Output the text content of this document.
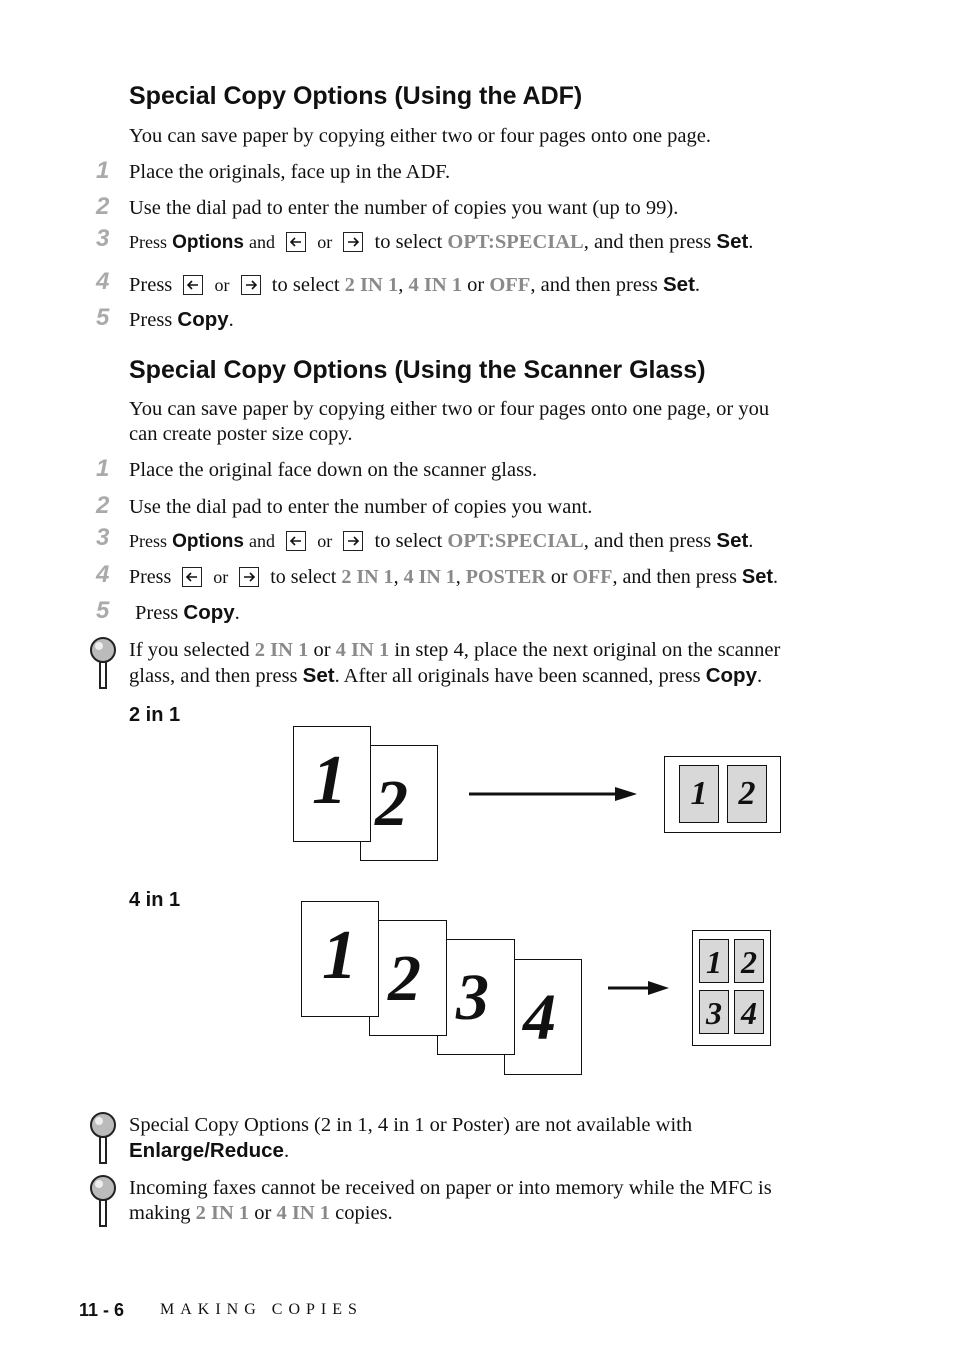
Special Copy Options (Using the ADF)
You can save paper by copying either two or four pages onto one page.
1 Place the originals, face up in the ADF.
2 Use the dial pad to enter the number of copies you want (up to 99).
3 Press Options and or to select OPT:SPECIAL, and then press Set.
4 Press or to select 2 IN 1, 4 IN 1 or OFF, and then press Set.
5 Press Copy.
Special Copy Options (Using the Scanner Glass)
You can save paper by copying either two or four pages onto one page, or you
can create poster size copy.
1 Place the original face down on the scanner glass.
2 Use the dial pad to enter the number of copies you want.
3 Press Options and or to select OPT:SPECIAL, and then press Set.
4 Press or to select 2 IN 1, 4 IN 1, POSTER or OFF, and then press Set.
5 Press Copy.
If you selected 2 IN 1 or 4 IN 1 in step 4, place the next original on the scanner
glass, and then press Set. After all originals have been scanned, press Copy.
2 in 1
2
1	1 2
4 in 1
4
3
2
1	1 2
3 4
Special Copy Options (2 in 1, 4 in 1 or Poster) are not available with
Enlarge/Reduce.
Incoming faxes cannot be received on paper or into memory while the MFC is
making 2 IN 1 or 4 IN 1 copies.
11 - 6 MAKING COPIES
